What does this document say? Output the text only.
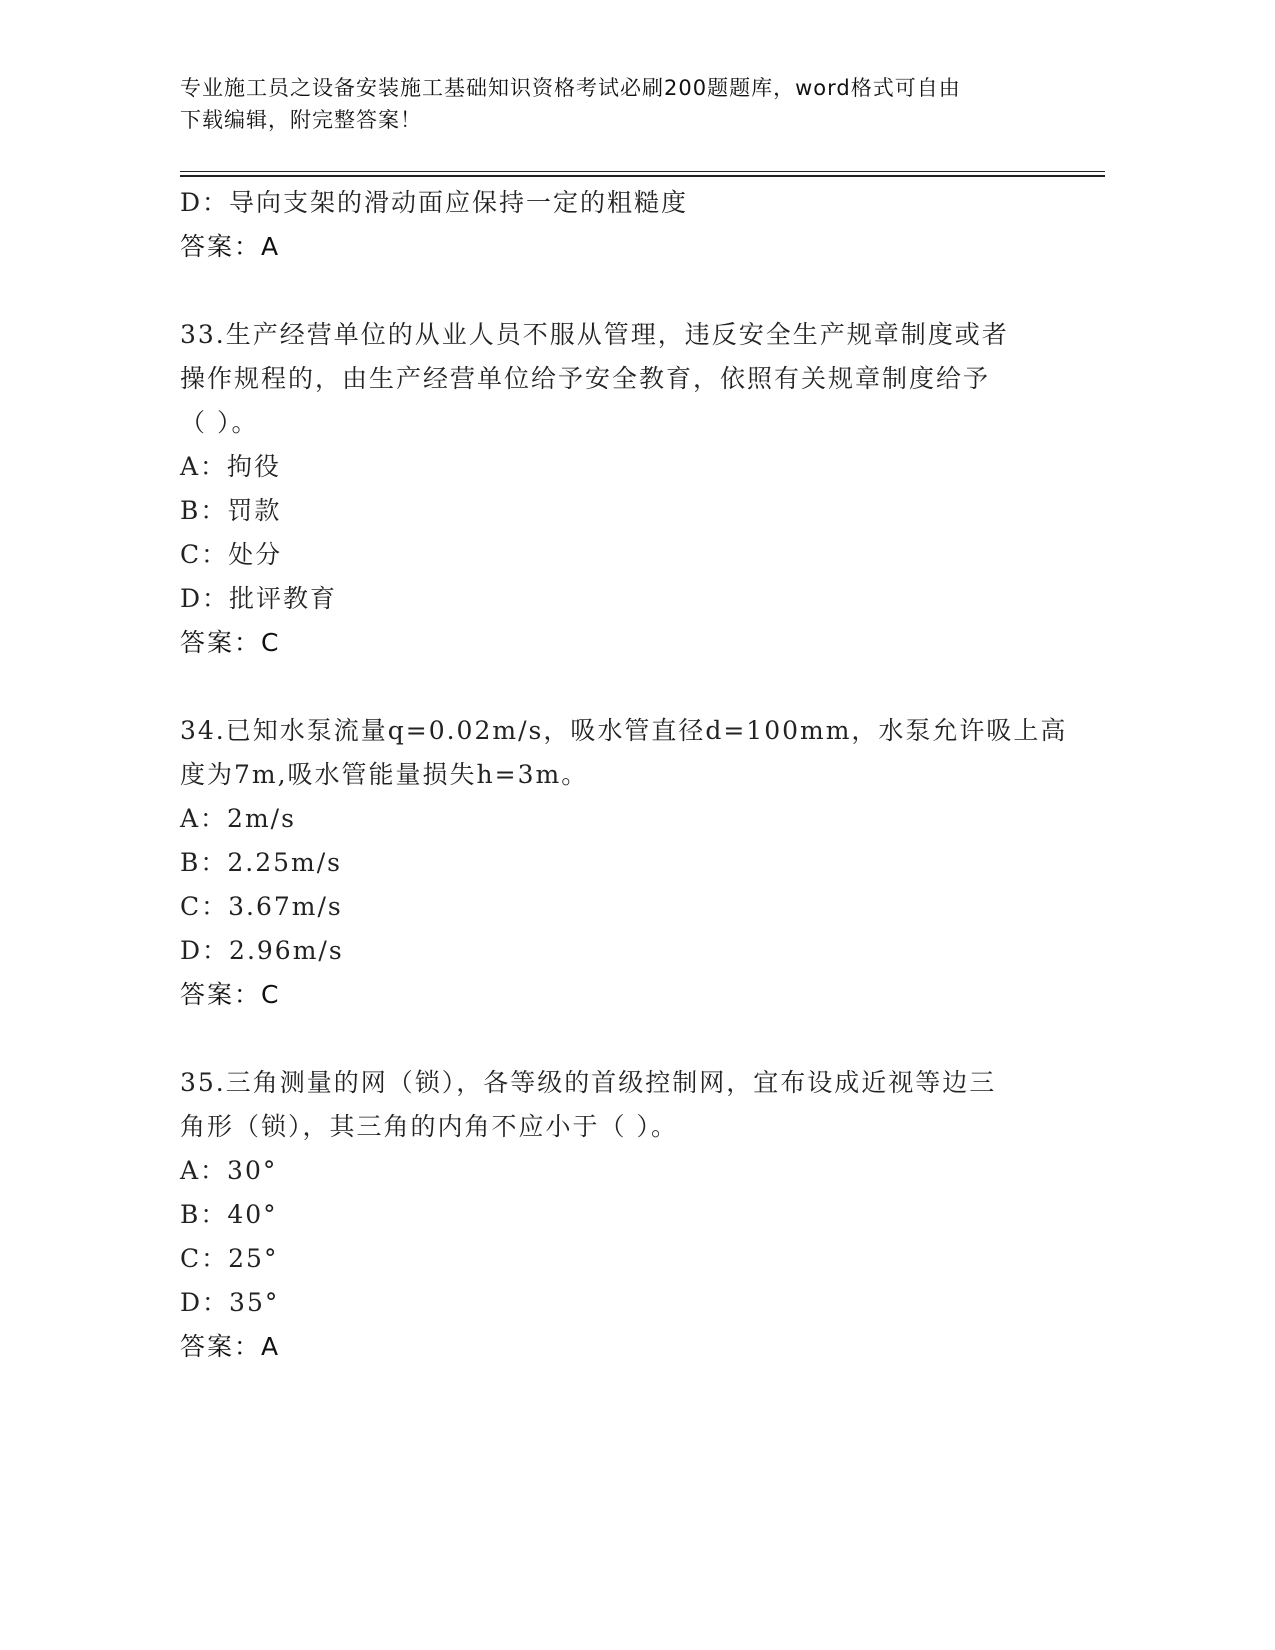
专业施工员之设备安装施工基础知识资格考试必刷200题题库，word格式可自由
下载编辑，附完整答案！
D：导向支架的滑动面应保持一定的粗糙度
答案：A
33.生产经营单位的从业人员不服从管理，违反安全生产规章制度或者
操作规程的，由生产经营单位给予安全教育，依照有关规章制度给予
（ ）。
A：拘役
B：罚款
C：处分
D：批评教育
答案：C
34.已知水泵流量q=0.02m/s，吸水管直径d=100mm，水泵允许吸上高
度为7m,吸水管能量损失h=3m。
A：2m/s
B：2.25m/s
C：3.67m/s
D：2.96m/s
答案：C
35.三角测量的网（锁），各等级的首级控制网，宜布设成近视等边三
角形（锁），其三角的内角不应小于（ ）。
A：30°
B：40°
C：25°
D：35°
答案：A
